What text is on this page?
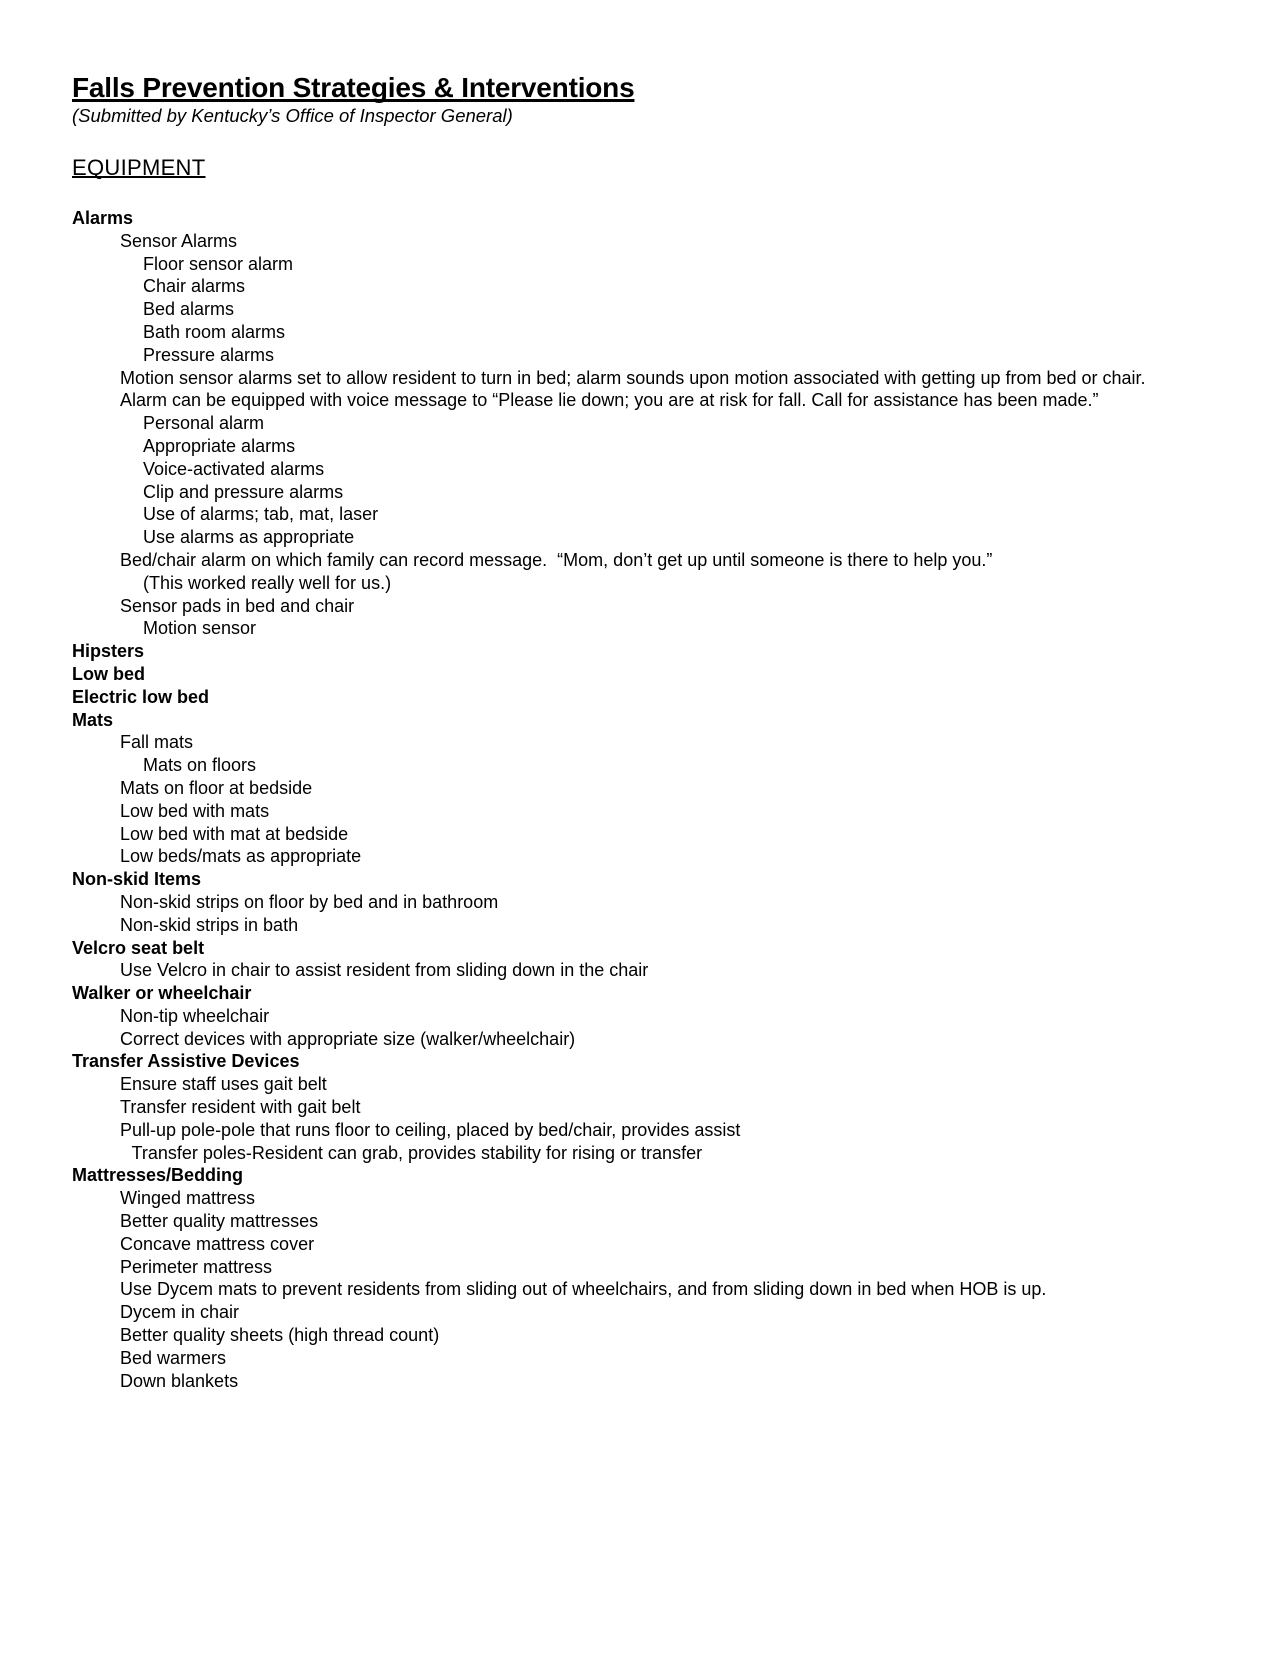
Falls Prevention Strategies & Interventions
(Submitted by Kentucky’s Office of Inspector General)
EQUIPMENT
Alarms
Sensor Alarms
Floor sensor alarm
Chair alarms
Bed alarms
Bath room alarms
Pressure alarms
Motion sensor alarms set to allow resident to turn in bed; alarm sounds upon motion associated with getting up from bed or chair.
Alarm can be equipped with voice message to “Please lie down; you are at risk for fall. Call for assistance has been made.”
Personal alarm
Appropriate alarms
Voice-activated alarms
Clip and pressure alarms
Use of alarms; tab, mat, laser
Use alarms as appropriate
Bed/chair alarm on which family can record message.  “Mom, don’t get up until someone is there to help you.”
(This worked really well for us.)
Sensor pads in bed and chair
Motion sensor
Hipsters
Low bed
Electric low bed
Mats
Fall mats
Mats on floors
Mats on floor at bedside
Low bed with mats
Low bed with mat at bedside
Low beds/mats as appropriate
Non-skid Items
Non-skid strips on floor by bed and in bathroom
Non-skid strips in bath
Velcro seat belt
Use Velcro in chair to assist resident from sliding down in the chair
Walker or wheelchair
Non-tip wheelchair
Correct devices with appropriate size (walker/wheelchair)
Transfer Assistive Devices
Ensure staff uses gait belt
Transfer resident with gait belt
Pull-up pole-pole that runs floor to ceiling, placed by bed/chair, provides assist
Transfer poles-Resident can grab, provides stability for rising or transfer
Mattresses/Bedding
Winged mattress
Better quality mattresses
Concave mattress cover
Perimeter mattress
Use Dycem mats to prevent residents from sliding out of wheelchairs, and from sliding down in bed when HOB is up.
Dycem in chair
Better quality sheets (high thread count)
Bed warmers
Down blankets
